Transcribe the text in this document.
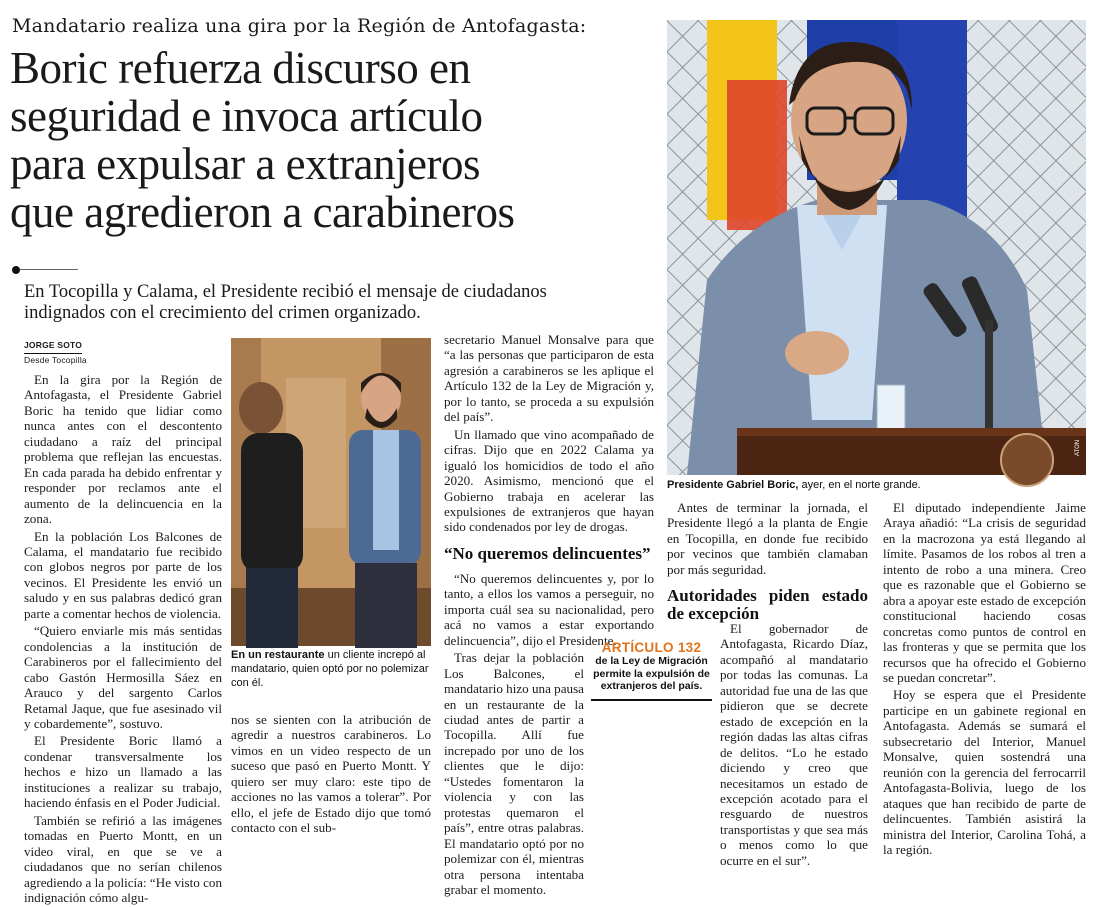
Mandatario realiza una gira por la Región de Antofagasta:
Boric refuerza discurso en
seguridad e invoca artículo
para expulsar a extranjeros
que agredieron a carabineros
En Tocopilla y Calama, el Presidente recibió el mensaje de ciudadanos
indignados con el crecimiento del crimen organizado.
JORGE SOTO
Desde Tocopilla

En la gira por la Región de Antofagasta, el Presidente Gabriel Boric ha tenido que lidiar como nunca antes con el descontento ciudadano a raíz del principal problema que reflejan las encuestas. En cada parada ha debido enfrentar y responder por reclamos ante el aumento de la delincuencia en la zona.

En la población Los Balcones de Calama, el mandatario fue recibido con globos negros por parte de los vecinos. El Presidente les envió un saludo y en sus palabras dedicó gran parte a comentar hechos de violencia.

“Quiero enviarle mis más sentidas condolencias a la institución de Carabineros por el fallecimiento del cabo Gastón Hermosilla Sáez en Arauco y del sargento Carlos Retamal Jaque, que fue asesinado vil y cobardemente”, sostuvo.

El Presidente Boric llamó a condenar transversalmente los hechos e hizo un llamado a las instituciones a realizar su trabajo, haciendo énfasis en el Poder Judicial.

También se refirió a las imágenes tomadas en Puerto Montt, en un video viral, en que se ve a ciudadanos que no serían chilenos agrediendo a la policía: “He visto con indignación cómo algu-

En un restaurante un cliente increpó al mandatario, quien optó por no polemizar con él.

nos se sienten con la atribución de agredir a nuestros carabineros. Lo vimos en un video respecto de un suceso que pasó en Puerto Montt. Y quiero ser muy claro: este tipo de acciones no las vamos a tolerar”. Por ello, el jefe de Estado dijo que tomó contacto con el sub-

secretario Manuel Monsalve para que “a las personas que participaron de esta agresión a carabineros se les aplique el Artículo 132 de la Ley de Migración y, por lo tanto, se proceda a su expulsión del país”.

Un llamado que vino acompañado de cifras. Dijo que en 2022 Calama ya igualó los homicidios de todo el año 2020. Asimismo, mencionó que el Gobierno trabaja en acelerar las expulsiones de extranjeros que hayan sido condenados por ley de drogas.

“No queremos delincuentes”

“No queremos delincuentes y, por lo tanto, a ellos los vamos a perseguir, no importa cuál sea su nacionalidad, pero acá no vamos a estar exportando delincuencia”, dijo el Presidente.

Tras dejar la población Los Balcones, el mandatario hizo una pausa en un restaurante de la ciudad antes de partir a Tocopilla. Allí fue increpado por uno de los clientes que le dijo: “Ustedes fomentaron la violencia y con las protestas quemaron el país”, entre otras palabras. El mandatario optó por no polemizar con él, mientras otra persona intentaba grabar el momento.

ARTÍCULO 132
de la Ley de Migración permite la expulsión de extranjeros del país.
ATON
Presidente Gabriel Boric, ayer, en el norte grande.

Antes de terminar la jornada, el Presidente llegó a la planta de Engie en Tocopilla, en donde fue recibido por vecinos que también clamaban por más seguridad.

Autoridades piden estado de excepción

El gobernador de Antofagasta, Ricardo Díaz, acompañó al mandatario por todas las comunas. La autoridad fue una de las que pidieron que se decrete estado de excepción en la región dadas las altas cifras de delitos. “Lo he estado diciendo y creo que necesitamos un estado de excepción acotado para el resguardo de nuestros transportistas y que sea más o menos como lo que ocurre en el sur”.

El diputado independiente Jaime Araya añadió: “La crisis de seguridad en la macrozona ya está llegando al límite. Pasamos de los robos al tren a intento de robo a una minera. Creo que es razonable que el Gobierno se abra a apoyar este estado de excepción constitucional haciendo cosas concretas como puntos de control en las fronteras y que se permita que los recursos que ha ofrecido el Gobierno se puedan concretar”.

Hoy se espera que el Presidente participe en un gabinete regional en Antofagasta. Además se sumará el subsecretario del Interior, Manuel Monsalve, quien sostendrá una reunión con la gerencia del ferrocarril Antofagasta-Bolivia, luego de los ataques que han recibido de parte de delincuentes. También asistirá la ministra del Interior, Carolina Tohá, a la región.
